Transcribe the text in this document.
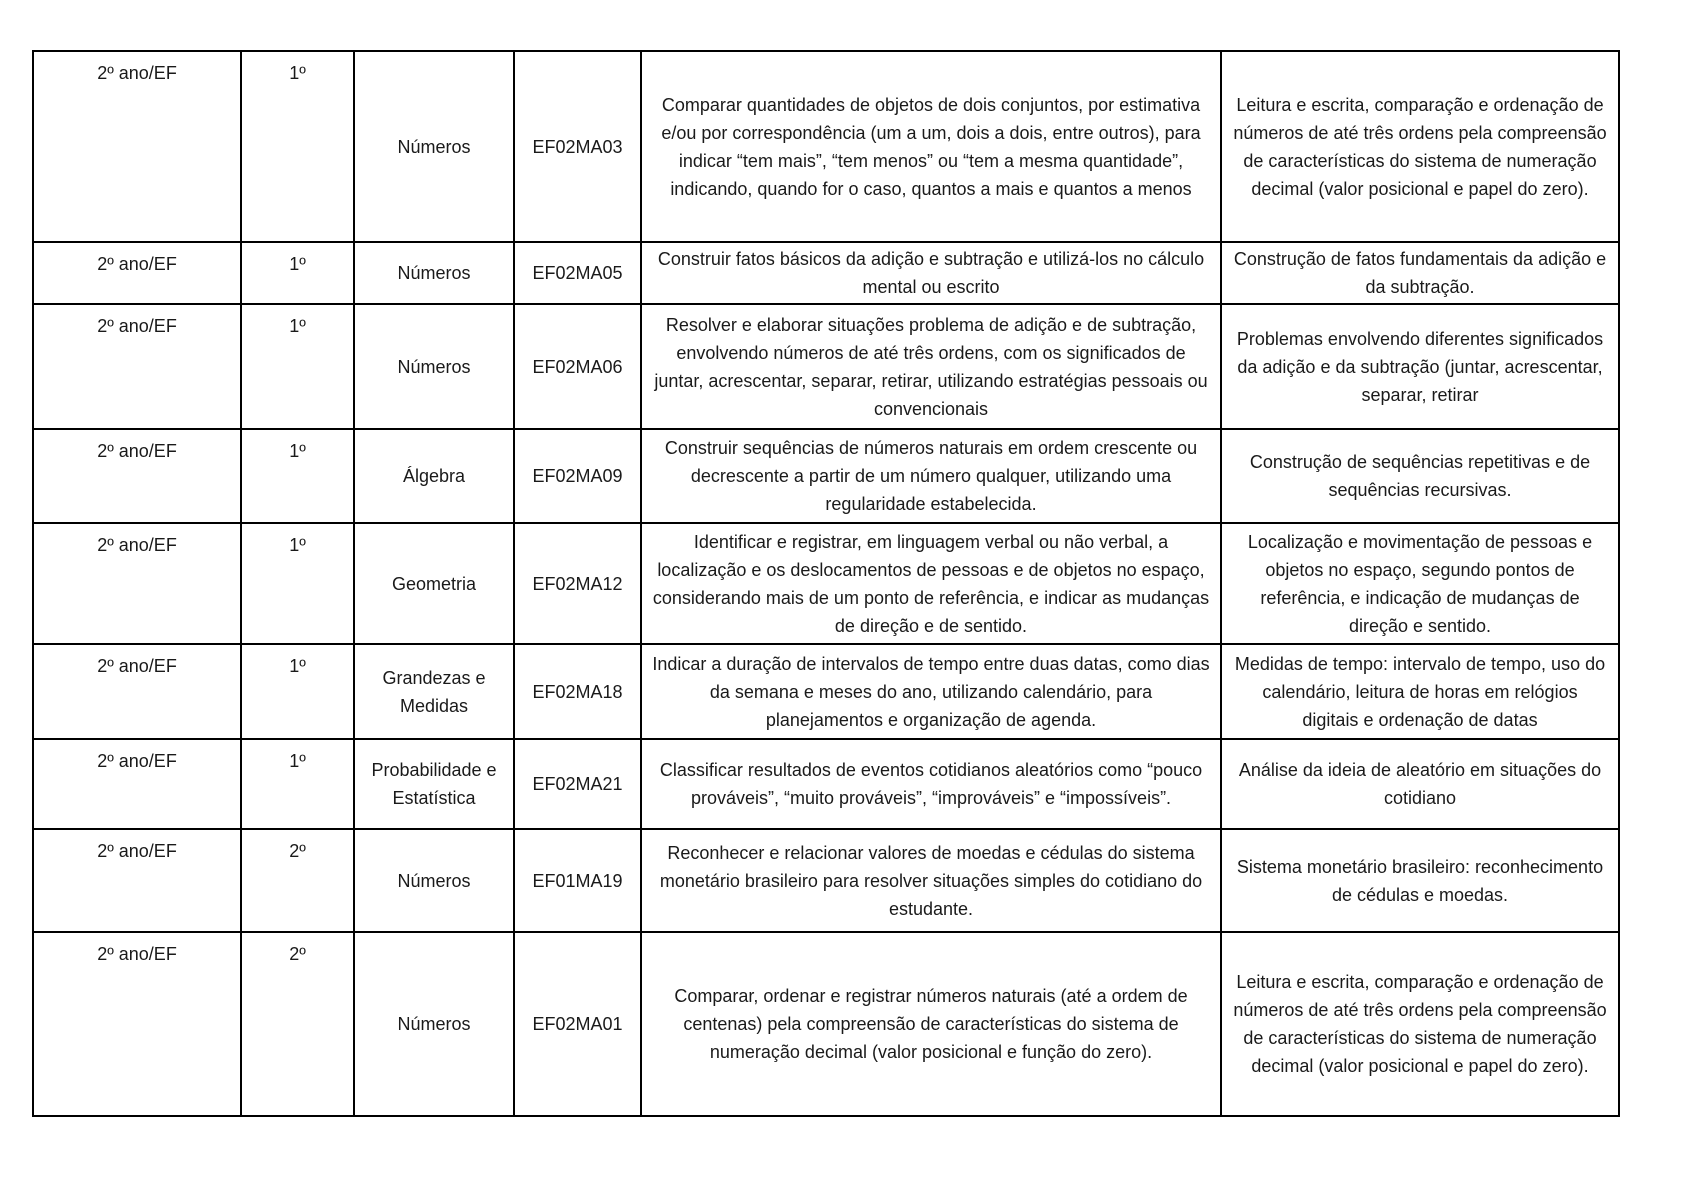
2º ano/EF	1º	Números	EF02MA03	Comparar quantidades de objetos de dois conjuntos, por estimativa e/ou por correspondência (um a um, dois a dois, entre outros), para indicar “tem mais”, “tem menos” ou “tem a mesma quantidade”, indicando, quando for o caso, quantos a mais e quantos a menos	Leitura e escrita, comparação e ordenação de números de até três ordens pela compreensão de características do sistema de numeração decimal (valor posicional e papel do zero).
2º ano/EF	1º	Números	EF02MA05	Construir fatos básicos da adição e subtração e utilizá-los no cálculo mental ou escrito	Construção de fatos fundamentais da adição e da subtração.
2º ano/EF	1º	Números	EF02MA06	Resolver e elaborar situações problema de adição e de subtração, envolvendo números de até três ordens, com os significados de juntar, acrescentar, separar, retirar, utilizando estratégias pessoais ou convencionais	Problemas envolvendo diferentes significados da adição e da subtração (juntar, acrescentar, separar, retirar
2º ano/EF	1º	Álgebra	EF02MA09	Construir sequências de números naturais em ordem crescente ou decrescente a partir de um número qualquer, utilizando uma regularidade estabelecida.	Construção de sequências repetitivas e de sequências recursivas.
2º ano/EF	1º	Geometria	EF02MA12	Identificar e registrar, em linguagem verbal ou não verbal, a localização e os deslocamentos de pessoas e de objetos no espaço, considerando mais de um ponto de referência, e indicar as mudanças de direção e de sentido.	Localização e movimentação de pessoas e objetos no espaço, segundo pontos de referência, e indicação de mudanças de direção e sentido.
2º ano/EF	1º	Grandezas e Medidas	EF02MA18	Indicar a duração de intervalos de tempo entre duas datas, como dias da semana e meses do ano, utilizando calendário, para planejamentos e organização de agenda.	Medidas de tempo: intervalo de tempo, uso do calendário, leitura de horas em relógios digitais e ordenação de datas
2º ano/EF	1º	Probabilidade e Estatística	EF02MA21	Classificar resultados de eventos cotidianos aleatórios como “pouco prováveis”, “muito prováveis”, “improváveis” e “impossíveis”.	Análise da ideia de aleatório em situações do cotidiano
2º ano/EF	2º	Números	EF01MA19	Reconhecer e relacionar valores de moedas e cédulas do sistema monetário brasileiro para resolver situações simples do cotidiano do estudante.	Sistema monetário brasileiro: reconhecimento de cédulas e moedas.
2º ano/EF	2º	Números	EF02MA01	Comparar, ordenar e registrar números naturais (até a ordem de centenas) pela compreensão de características do sistema de numeração decimal (valor posicional e função do zero).	Leitura e escrita, comparação e ordenação de números de até três ordens pela compreensão de características do sistema de numeração decimal (valor posicional e papel do zero).
